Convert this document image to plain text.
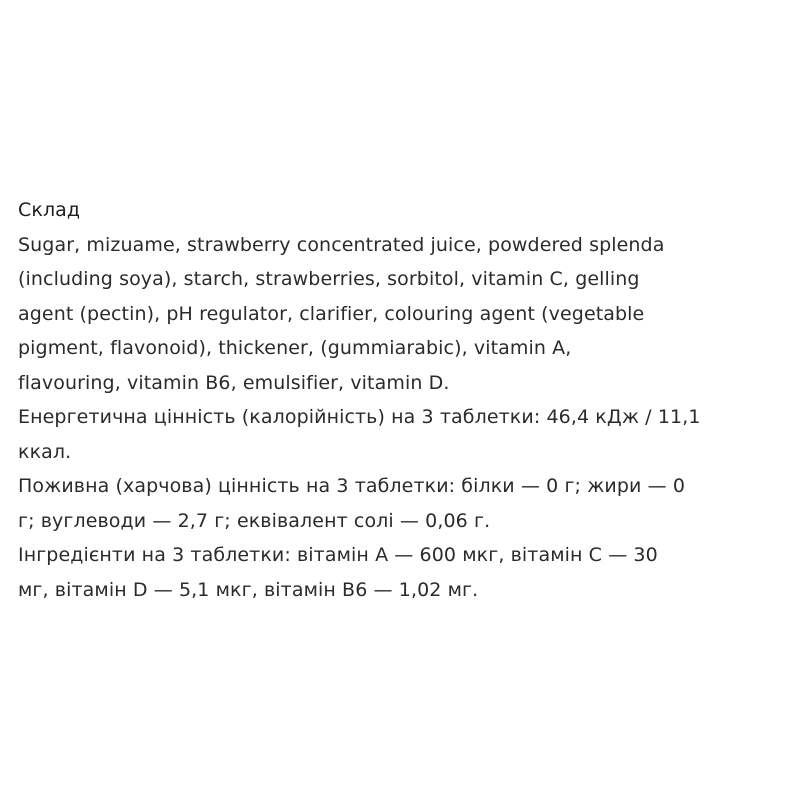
Склад
Sugar, mizuame, strawberry concentrated juice, powdered splenda
(including soya), starch, strawberries, sorbitol, vitamin C, gelling
agent (pectin), pH regulator, clarifier, colouring agent (vegetable
pigment, flavonoid), thickener, (gummiarabic), vitamin A,
flavouring, vitamin B6, emulsifier, vitamin D.
Енергетична цінність (калорійність) на 3 таблетки: 46,4 кДж / 11,1
ккал.
Поживна (харчова) цінність на 3 таблетки: білки — 0 г; жири — 0
г; вуглеводи — 2,7 г; еквівалент солі — 0,06 г.
Інгредієнти на 3 таблетки: вітамін A — 600 мкг, вітамін C — 30
мг, вітамін D — 5,1 мкг, вітамін B6 — 1,02 мг.
